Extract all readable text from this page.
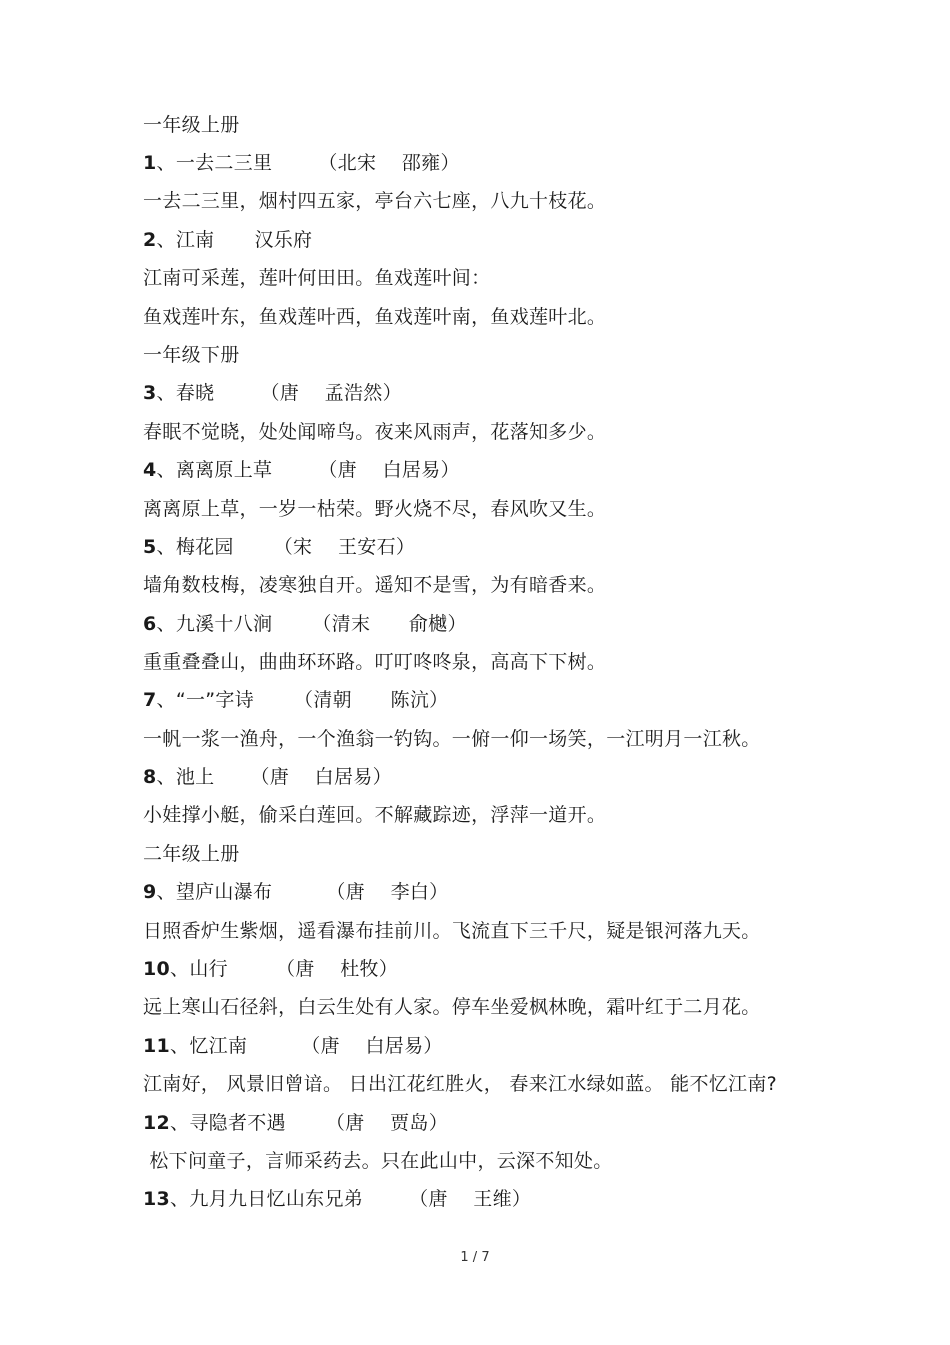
一年级上册
1、一去二三里 （北宋　 邵雍）
一去二三里，烟村四五家，亭台六七座，八九十枝花。
2、江南 汉乐府
江南可采莲，莲叶何田田。鱼戏莲叶间：
鱼戏莲叶东，鱼戏莲叶西，鱼戏莲叶南，鱼戏莲叶北。
一年级下册
3、春晓 （唐　 孟浩然）
春眠不觉晓，处处闻啼鸟。夜来风雨声，花落知多少。
4、离离原上草 （唐　 白居易）
离离原上草，一岁一枯荣。野火烧不尽，春风吹又生。
5、梅花园 （宋　 王安石）
墙角数枝梅，凌寒独自开。遥知不是雪，为有暗香来。
6、九溪十八涧 （清末　　俞樾）
重重叠叠山，曲曲环环路。叮叮咚咚泉，高高下下树。
7、“一”字诗 （清朝　　陈沆）
一帆一浆一渔舟，一个渔翁一钓钩。一俯一仰一场笑，一江明月一江秋。
8、池上 （唐　 白居易）
小娃撑小艇，偷采白莲回。不解藏踪迹，浮萍一道开。
二年级上册
9、望庐山瀑布	（唐　 李白）
日照香炉生紫烟，遥看瀑布挂前川。飞流直下三千尺，疑是银河落九天。
10、山行	（唐　 杜牧）
远上寒山石径斜，白云生处有人家。停车坐爱枫林晚，霜叶红于二月花。
11、忆江南	（唐　 白居易）
江南好， 风景旧曾谙。 日出江花红胜火， 春来江水绿如蓝。 能不忆江南?
12、寻隐者不遇 （唐　 贾岛）
松下问童子，言师采药去。只在此山中，云深不知处。
13、九月九日忆山东兄弟 （唐　 王维）
1 / 7
